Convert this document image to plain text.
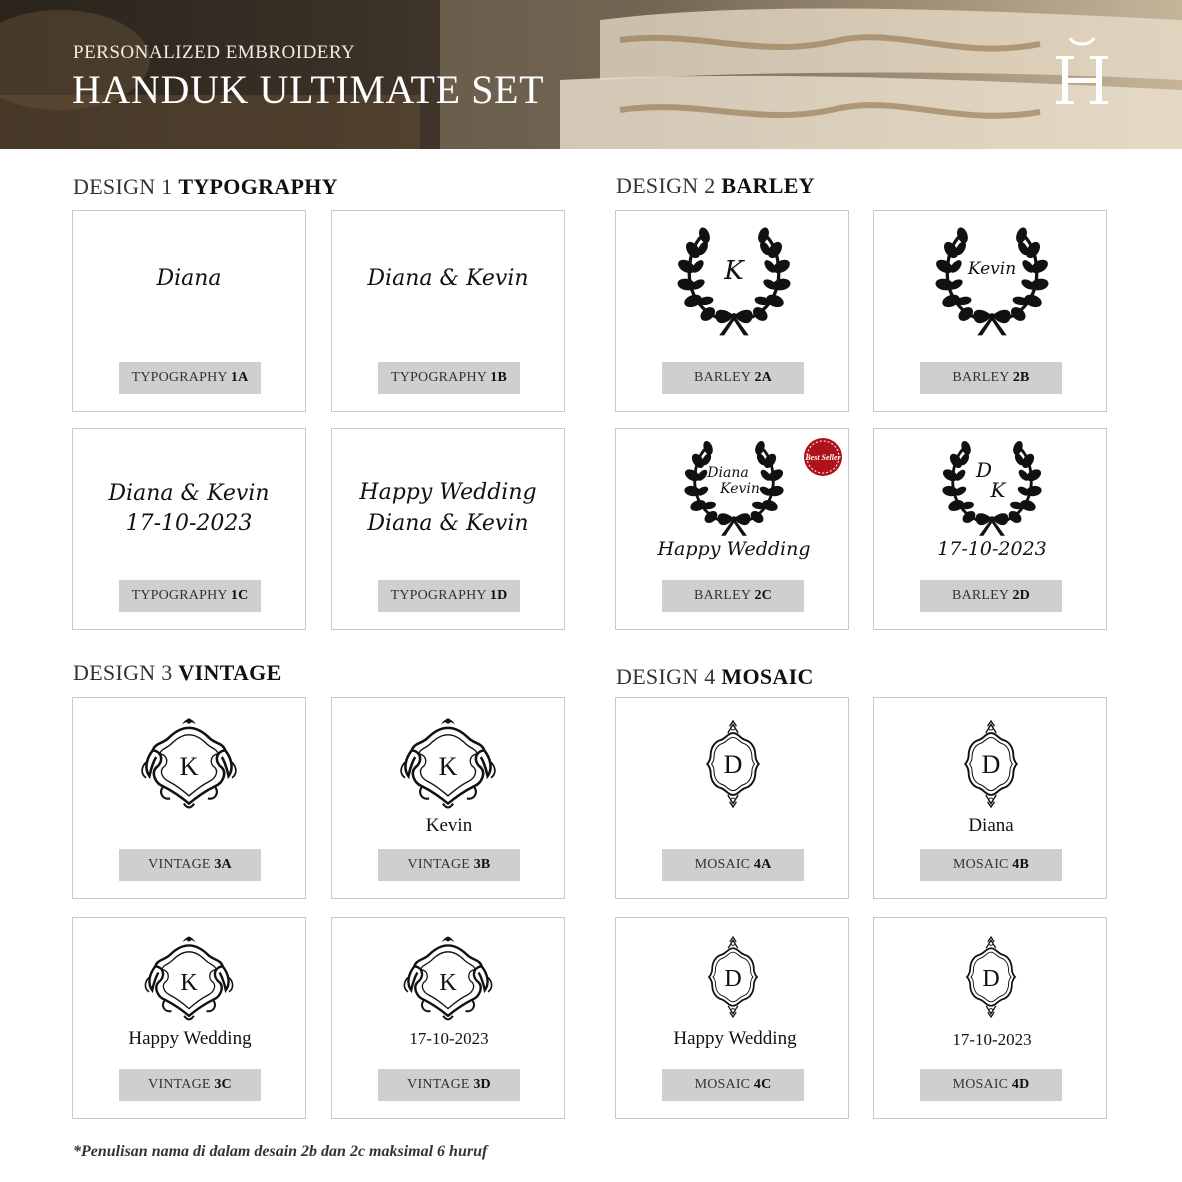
PERSONALIZED EMBROIDERY
HANDUK ULTIMATE SET
DESIGN 1 TYPOGRAPHY	DESIGN 2 BARLEY
DESIGN 3 VINTAGE	DESIGN 4 MOSAIC
Diana
TYPOGRAPHY 1A
Diana & Kevin
TYPOGRAPHY 1B
Diana & Kevin
17-10-2023
TYPOGRAPHY 1C
Happy Wedding
Diana & Kevin
TYPOGRAPHY 1D
K
BARLEY 2A
Kevin
BARLEY 2B
Diana
Kevin
Happy Wedding
Best Seller
BARLEY 2C
D
K
17-10-2023
BARLEY 2D
K
VINTAGE 3A
K
Kevin
VINTAGE 3B
K
Happy Wedding
VINTAGE 3C
K
17-10-2023
VINTAGE 3D
D
MOSAIC 4A
D
Diana
MOSAIC 4B
D
Happy Wedding
MOSAIC 4C
D
17-10-2023
MOSAIC 4D
*Penulisan nama di dalam desain 2b dan 2c maksimal 6 huruf
